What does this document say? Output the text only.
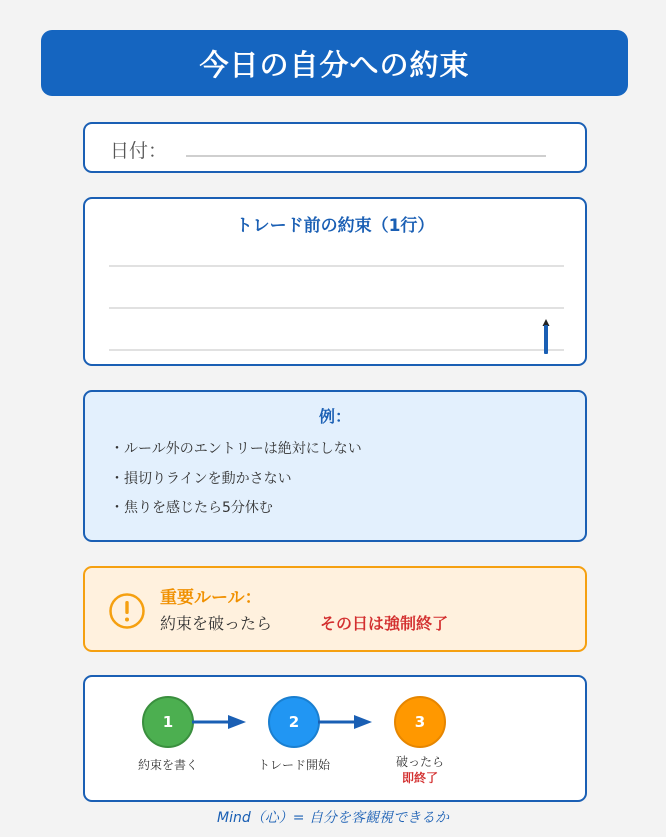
今日の自分への約束
日付：
トレード前の約束（1行）
例：
・ルール外のエントリーは絶対にしない
・損切りラインを動かさない
・焦りを感じたら5分休む
重要ルール：
約束を破ったら	その日は強制終了
1
約束を書く
2
トレード開始
3
破ったら
即終了
Mind（心）= 自分を客観視できるか
